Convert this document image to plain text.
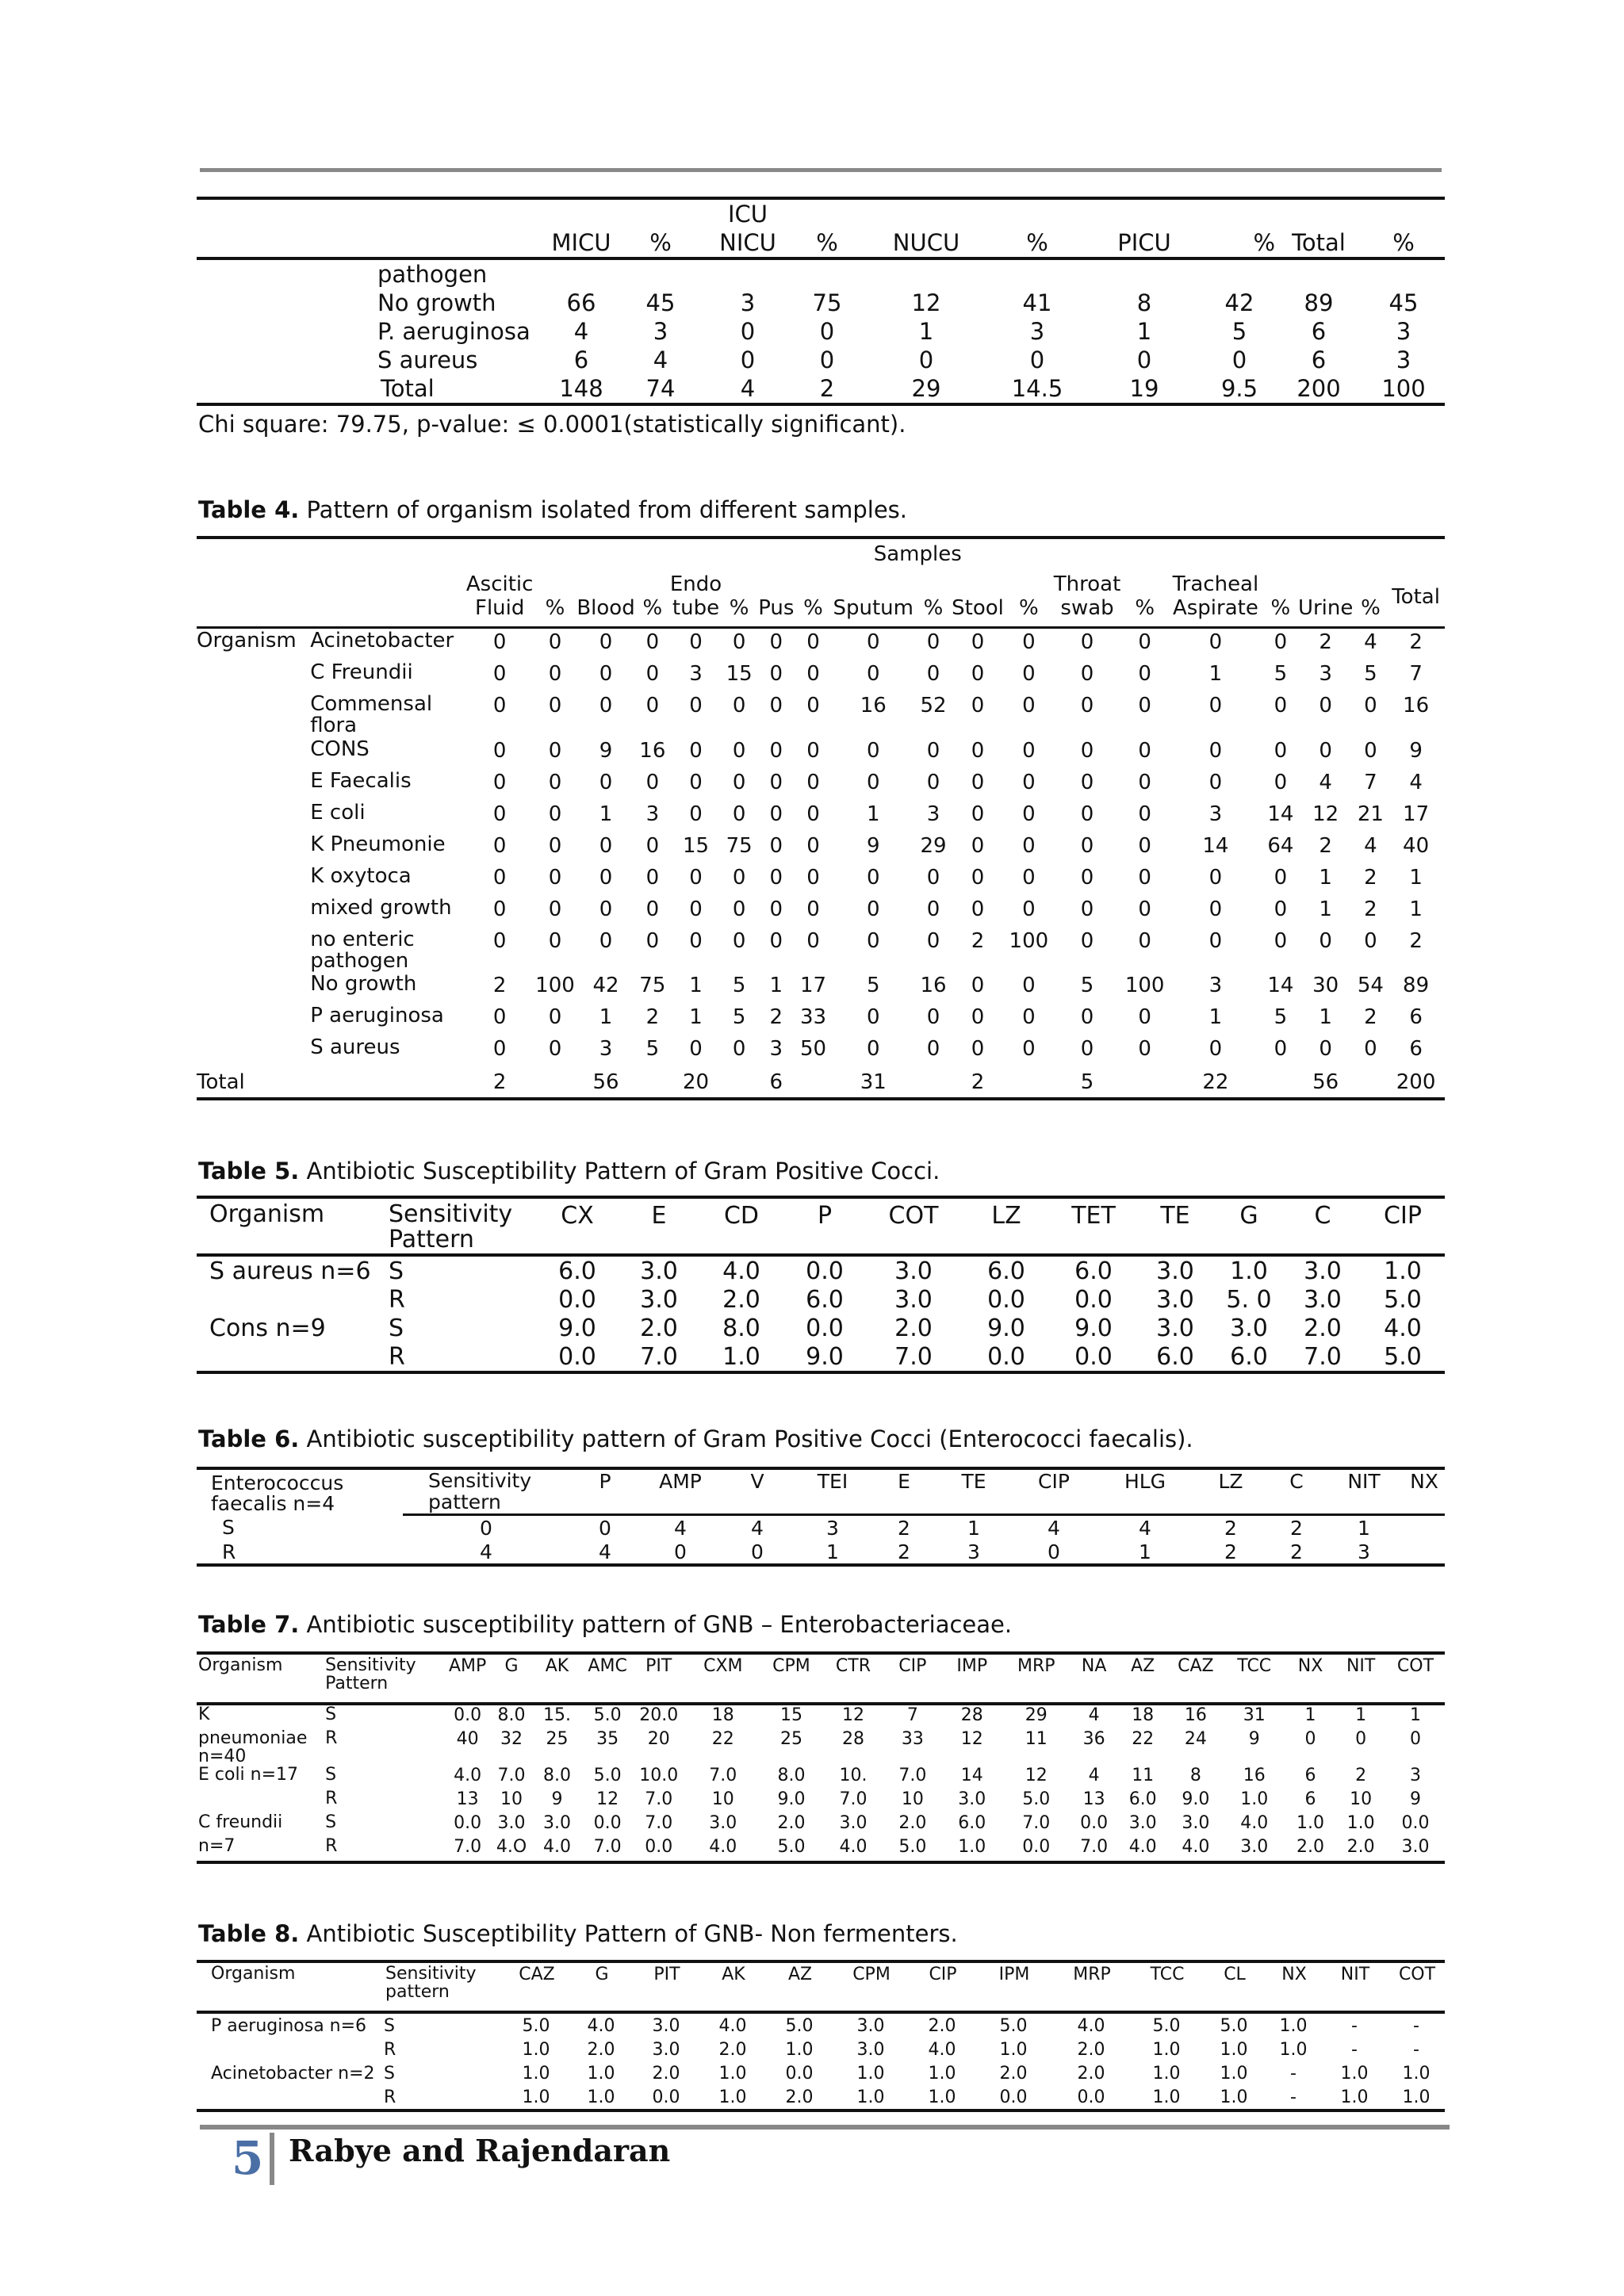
				ICU							
		MICU	%	NICU	%	NUCU	%	PICU	%	Total	%
	pathogen										
	No growth	66	45	3	75	12	41	8	42	89	45
	P. aeruginosa	4	3	0	0	1	3	1	5	6	3
	S aureus	6	4	0	0	0	0	0	0	6	3
	Total	148	74	4	2	29	14.5	19	9.5	200	100
Chi square: 79.75, p-value: ≤ 0.0001(statistically significant).
Table 4. Pattern of organism isolated from different samples.
										Samples										
		Ascitic				Endo								Throat		Tracheal				
		Fluid	%	Blood	%	tube	%	Pus	%	Sputum	%	Stool	%	swab	%	Aspirate	%	Urine	%	Total
Organism	Acinetobacter	0	0	0	0	0	0	0	0	0	0	0	0	0	0	0	0	2	4	2
	C Freundii	0	0	0	0	3	15	0	0	0	0	0	0	0	0	1	5	3	5	7
	Commensal flora	0	0	0	0	0	0	0	0	16	52	0	0	0	0	0	0	0	0	16
	CONS	0	0	9	16	0	0	0	0	0	0	0	0	0	0	0	0	0	0	9
	E Faecalis	0	0	0	0	0	0	0	0	0	0	0	0	0	0	0	0	4	7	4
	E coli	0	0	1	3	0	0	0	0	1	3	0	0	0	0	3	14	12	21	17
	K Pneumonie	0	0	0	0	15	75	0	0	9	29	0	0	0	0	14	64	2	4	40
	K oxytoca	0	0	0	0	0	0	0	0	0	0	0	0	0	0	0	0	1	2	1
	mixed growth	0	0	0	0	0	0	0	0	0	0	0	0	0	0	0	0	1	2	1
	no enteric pathogen	0	0	0	0	0	0	0	0	0	0	2	100	0	0	0	0	0	0	2
	No growth	2	100	42	75	1	5	1	17	5	16	0	0	5	100	3	14	30	54	89
	P aeruginosa	0	0	1	2	1	5	2	33	0	0	0	0	0	0	1	5	1	2	6
	S aureus	0	0	3	5	0	0	3	50	0	0	0	0	0	0	0	0	0	0	6
Total		2		56		20		6		31		2		5		22		56		200
Table 5. Antibiotic Susceptibility Pattern of Gram Positive Cocci.
Organism	Sensitivity Pattern	CX	E	CD	P	COT	LZ	TET	TE	G	C	CIP
S aureus n=6	S	6.0	3.0	4.0	0.0	3.0	6.0	6.0	3.0	1.0	3.0	1.0
	R	0.0	3.0	2.0	6.0	3.0	0.0	0.0	3.0	5. 0	3.0	5.0
Cons n=9	S	9.0	2.0	8.0	0.0	2.0	9.0	9.0	3.0	3.0	2.0	4.0
	R	0.0	7.0	1.0	9.0	7.0	0.0	0.0	6.0	6.0	7.0	5.0
Table 6. Antibiotic susceptibility pattern of Gram Positive Cocci (Enterococci faecalis).
Enterococcus faecalis n=4	Sensitivity pattern	P	AMP	V	TEI	E	TE	CIP	HLG	LZ	C	NIT	NX
S	0	0	4	4	3	2	1	4	4	2	2	1	
R	4	4	0	0	1	2	3	0	1	2	2	3	
Table 7. Antibiotic susceptibility pattern of GNB – Enterobacteriaceae.
Organism	Sensitivity Pattern	AMP	G	AK	AMC	PIT	CXM	CPM	CTR	CIP	IMP	MRP	NA	AZ	CAZ	TCC	NX	NIT	COT
K	S	0.0	8.0	15.	5.0	20.0	18	15	12	7	28	29	4	18	16	31	1	1	1
pneumoniae n=40	R	40	32	25	35	20	22	25	28	33	12	11	36	22	24	9	0	0	0
E coli n=17	S	4.0	7.0	8.0	5.0	10.0	7.0	8.0	10.	7.0	14	12	4	11	8	16	6	2	3
	R	13	10	9	12	7.0	10	9.0	7.0	10	3.0	5.0	13	6.0	9.0	1.0	6	10	9
C freundii	S	0.0	3.0	3.0	0.0	7.0	3.0	2.0	3.0	2.0	6.0	7.0	0.0	3.0	3.0	4.0	1.0	1.0	0.0
n=7	R	7.0	4.O	4.0	7.0	0.0	4.0	5.0	4.0	5.0	1.0	0.0	7.0	4.0	4.0	3.0	2.0	2.0	3.0
Table 8. Antibiotic Susceptibility Pattern of GNB- Non fermenters.
Organism	Sensitivity pattern	CAZ	G	PIT	AK	AZ	CPM	CIP	IPM	MRP	TCC	CL	NX	NIT	COT
P aeruginosa n=6	S	5.0	4.0	3.0	4.0	5.0	3.0	2.0	5.0	4.0	5.0	5.0	1.0	-	-
	R	1.0	2.0	3.0	2.0	1.0	3.0	4.0	1.0	2.0	1.0	1.0	1.0	-	-
Acinetobacter n=2	S	1.0	1.0	2.0	1.0	0.0	1.0	1.0	2.0	2.0	1.0	1.0	-	1.0	1.0
	R	1.0	1.0	0.0	1.0	2.0	1.0	1.0	0.0	0.0	1.0	1.0	-	1.0	1.0
5 Rabye and Rajendaran
